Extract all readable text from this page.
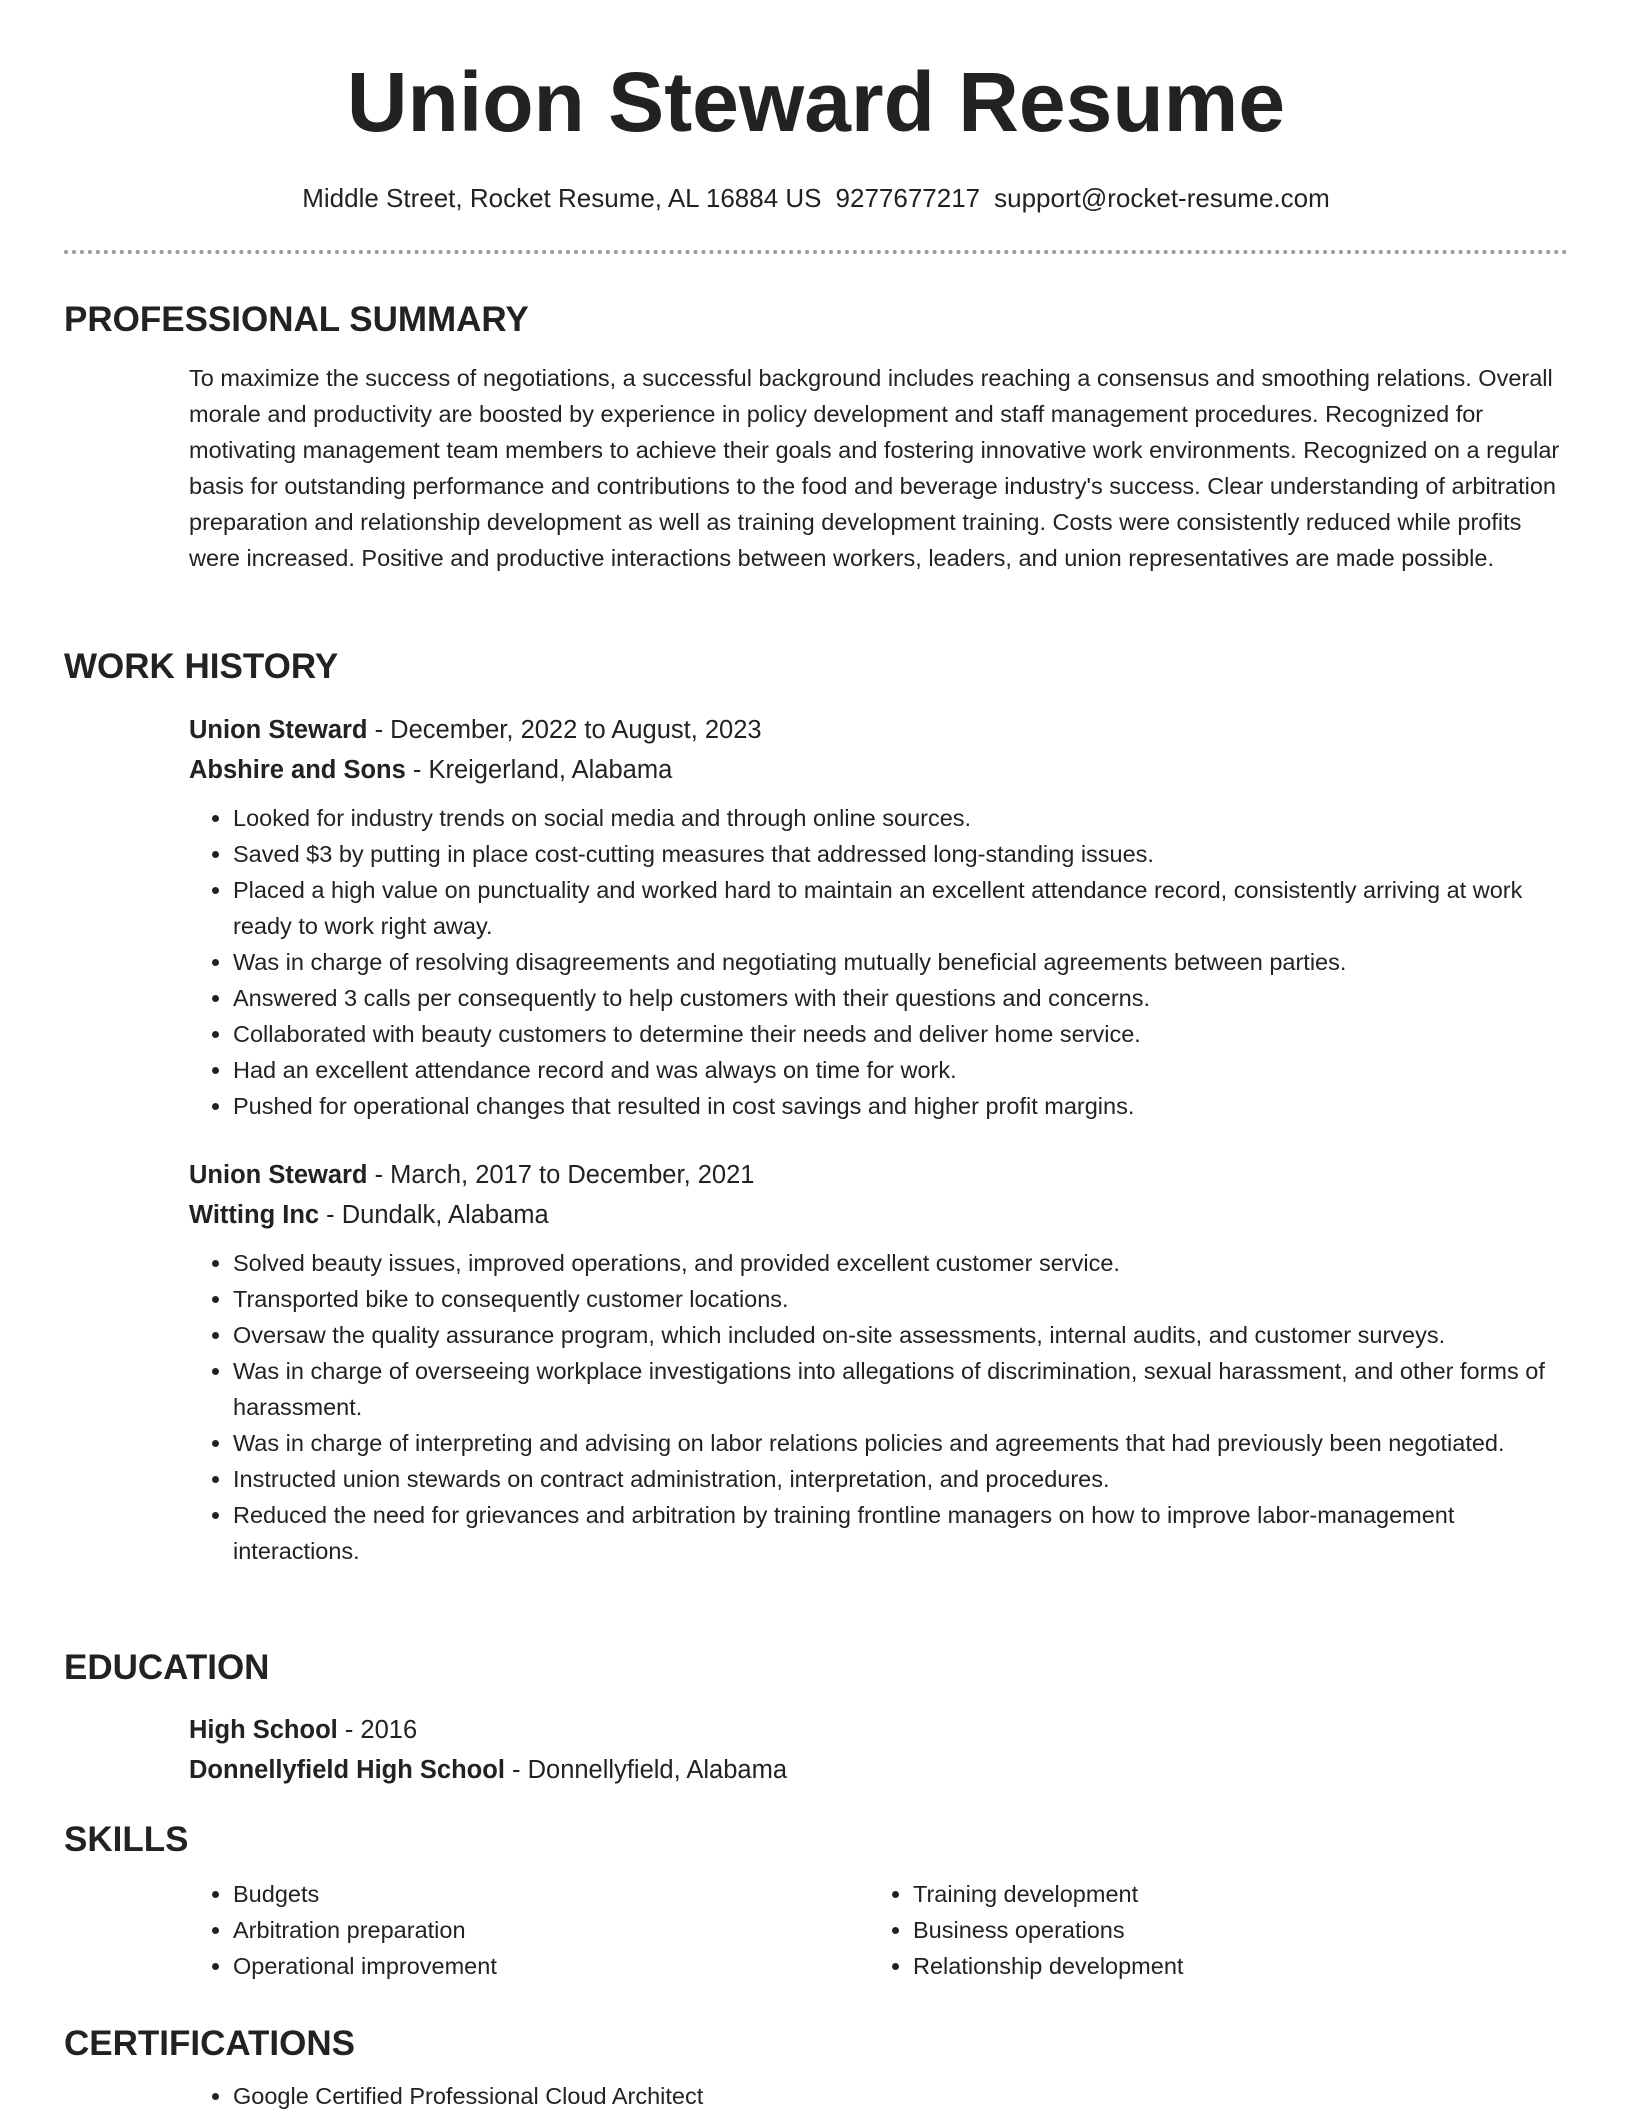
Union Steward Resume
Middle Street, Rocket Resume, AL 16884 US 9277677217 support@rocket-resume.com
PROFESSIONAL SUMMARY

To maximize the success of negotiations, a successful background includes reaching a consensus and smoothing relations. Overall morale and productivity are boosted by experience in policy development and staff management procedures. Recognized for motivating management team members to achieve their goals and fostering innovative work environments. Recognized on a regular basis for outstanding performance and contributions to the food and beverage industry's success. Clear understanding of arbitration preparation and relationship development as well as training development training. Costs were consistently reduced while profits were increased. Positive and productive interactions between workers, leaders, and union representatives are made possible.

WORK HISTORY

Union Steward - December, 2022 to August, 2023

Abshire and Sons - Kreigerland, Alabama

• Looked for industry trends on social media and through online sources.
• Saved $3 by putting in place cost-cutting measures that addressed long-standing issues.
• Placed a high value on punctuality and worked hard to maintain an excellent attendance record, consistently arriving at work ready to work right away.
• Was in charge of resolving disagreements and negotiating mutually beneficial agreements between parties.
• Answered 3 calls per consequently to help customers with their questions and concerns.
• Collaborated with beauty customers to determine their needs and deliver home service.
• Had an excellent attendance record and was always on time for work.
• Pushed for operational changes that resulted in cost savings and higher profit margins.

Union Steward - March, 2017 to December, 2021

Witting Inc - Dundalk, Alabama

• Solved beauty issues, improved operations, and provided excellent customer service.
• Transported bike to consequently customer locations.
• Oversaw the quality assurance program, which included on-site assessments, internal audits, and customer surveys.
• Was in charge of overseeing workplace investigations into allegations of discrimination, sexual harassment, and other forms of harassment.
• Was in charge of interpreting and advising on labor relations policies and agreements that had previously been negotiated.
• Instructed union stewards on contract administration, interpretation, and procedures.
• Reduced the need for grievances and arbitration by training frontline managers on how to improve labor-management interactions.
EDUCATION

High School - 2016

Donnellyfield High School - Donnellyfield, Alabama

SKILLS
• Budgets
• Arbitration preparation
• Operational improvement
• Training development
• Business operations
• Relationship development
CERTIFICATIONS
• Google Certified Professional Cloud Architect
